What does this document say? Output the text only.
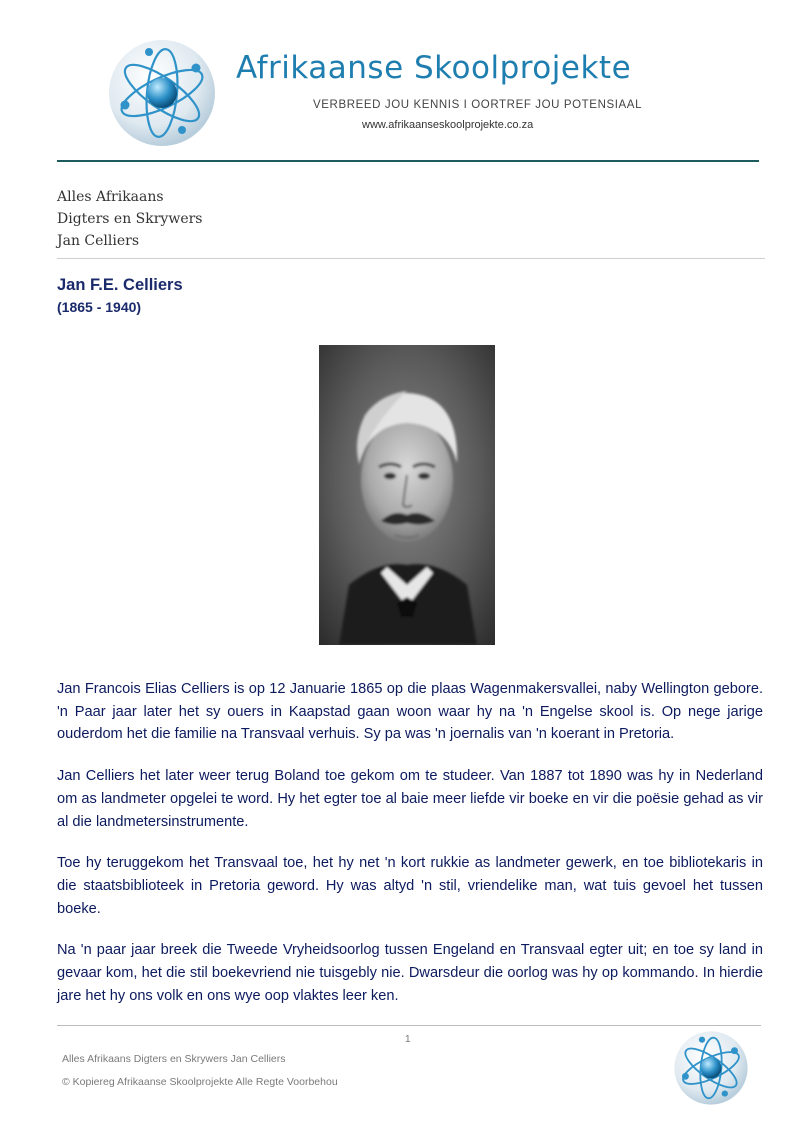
Afrikaanse Skoolprojekte
VERBREED JOU KENNIS I OORTREF JOU POTENSIAAL
www.afrikaanseskoolprojekte.co.za
Alles Afrikaans
Digters en Skrywers
Jan Celliers
Jan F.E. Celliers
(1865 - 1940)

Jan Francois Elias Celliers is op 12 Januarie 1865 op die plaas Wagenmakersvallei, naby Wellington gebore. 'n Paar jaar later het sy ouers in Kaapstad gaan woon waar hy na 'n Engelse skool is. Op nege jarige ouderdom het die familie na Transvaal verhuis. Sy pa was 'n joernalis van 'n koerant in Pretoria.

Jan Celliers het later weer terug Boland toe gekom om te studeer. Van 1887 tot 1890 was hy in Nederland om as landmeter opgelei te word. Hy het egter toe al baie meer liefde vir boeke en vir die poësie gehad as vir al die landmetersinstrumente.

Toe hy teruggekom het Transvaal toe, het hy net 'n kort rukkie as landmeter gewerk, en toe bibliotekaris in die staatsbiblioteek in Pretoria geword. Hy was altyd 'n stil, vriendelike man, wat tuis gevoel het tussen boeke.

Na 'n paar jaar breek die Tweede Vryheidsoorlog tussen Engeland en Transvaal egter uit; en toe sy land in gevaar kom, het die stil boekevriend nie tuisgebly nie. Dwarsdeur die oorlog was hy op kommando. In hierdie jare het hy ons volk en ons wye oop vlaktes leer ken.

1
Alles Afrikaans Digters en Skrywers Jan Celliers
© Kopiereg Afrikaanse Skoolprojekte Alle Regte Voorbehou
